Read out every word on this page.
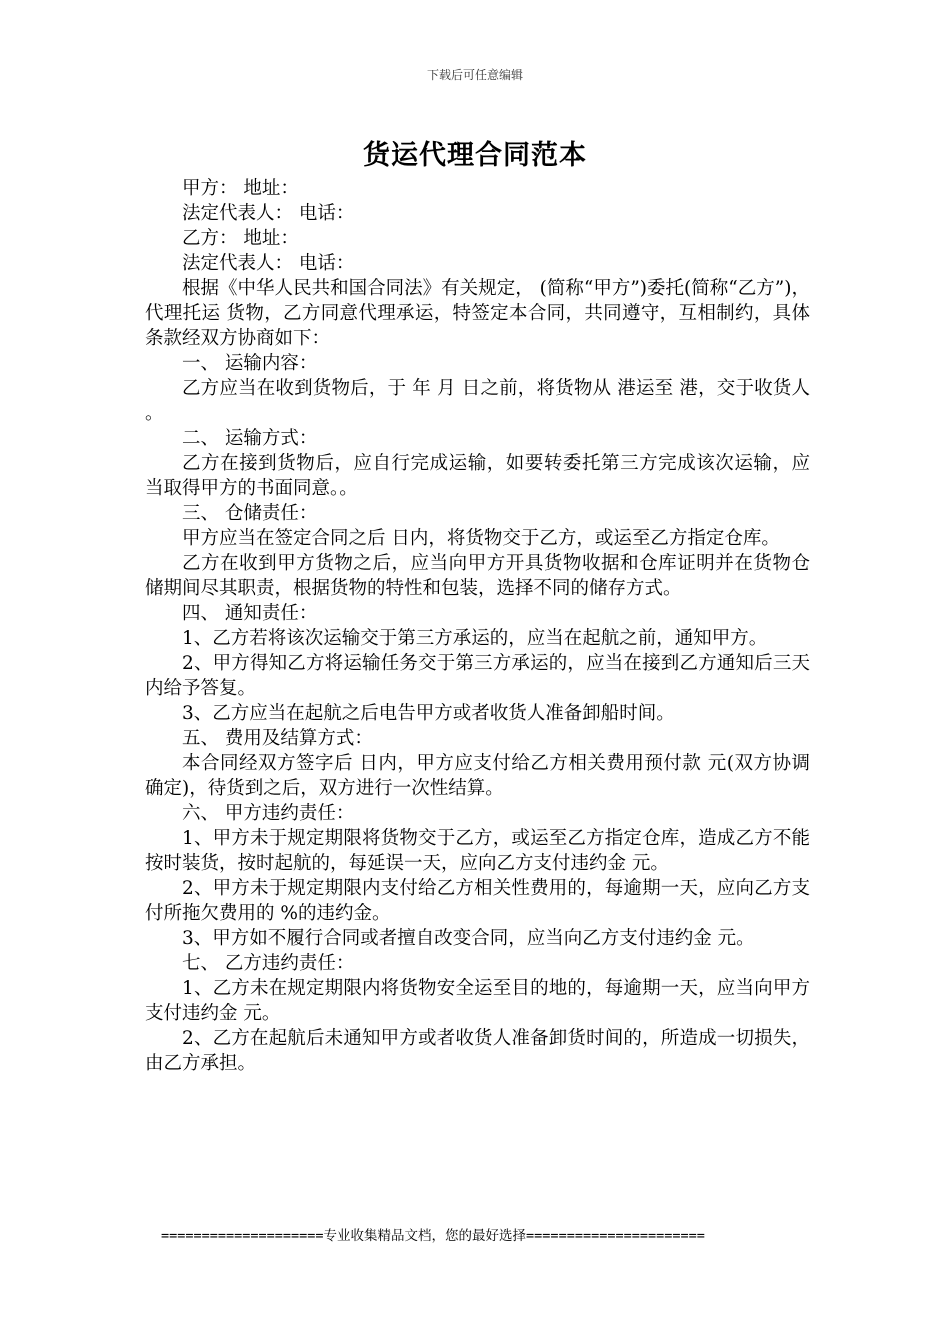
下载后可任意编辑
货运代理合同范本

甲方： 地址：

法定代表人： 电话：

乙方： 地址：

法定代表人： 电话：

根据《中华人民共和国合同法》有关规定， (简称“甲方”)委托(简称“乙方”)，代理托运 货物，乙方同意代理承运，特签定本合同，共同遵守，互相制约，具体条款经双方协商如下：

一、 运输内容：

乙方应当在收到货物后，于 年 月 日之前，将货物从 港运至 港，交于收货人 。

二、 运输方式：

乙方在接到货物后，应自行完成运输，如要转委托第三方完成该次运输，应当取得甲方的书面同意。。

三、 仓储责任：

甲方应当在签定合同之后 日内，将货物交于乙方，或运至乙方指定仓库。

乙方在收到甲方货物之后，应当向甲方开具货物收据和仓库证明并在货物仓储期间尽其职责，根据货物的特性和包装，选择不同的储存方式。

四、 通知责任：

1、乙方若将该次运输交于第三方承运的，应当在起航之前，通知甲方。

2、甲方得知乙方将运输任务交于第三方承运的，应当在接到乙方通知后三天内给予答复。

3、乙方应当在起航之后电告甲方或者收货人准备卸船时间。

五、 费用及结算方式：

本合同经双方签字后 日内，甲方应支付给乙方相关费用预付款 元(双方协调确定)，待货到之后，双方进行一次性结算。

六、 甲方违约责任：

1、甲方未于规定期限将货物交于乙方，或运至乙方指定仓库，造成乙方不能按时装货，按时起航的，每延误一天，应向乙方支付违约金 元。

2、甲方未于规定期限内支付给乙方相关性费用的，每逾期一天，应向乙方支付所拖欠费用的 %的违约金。

3、甲方如不履行合同或者擅自改变合同，应当向乙方支付违约金 元。

七、 乙方违约责任：

1、乙方未在规定期限内将货物安全运至目的地的，每逾期一天，应当向甲方支付违约金 元。

2、乙方在起航后未通知甲方或者收货人准备卸货时间的，所造成一切损失，由乙方承担。

====================专业收集精品文档，您的最好选择======================
